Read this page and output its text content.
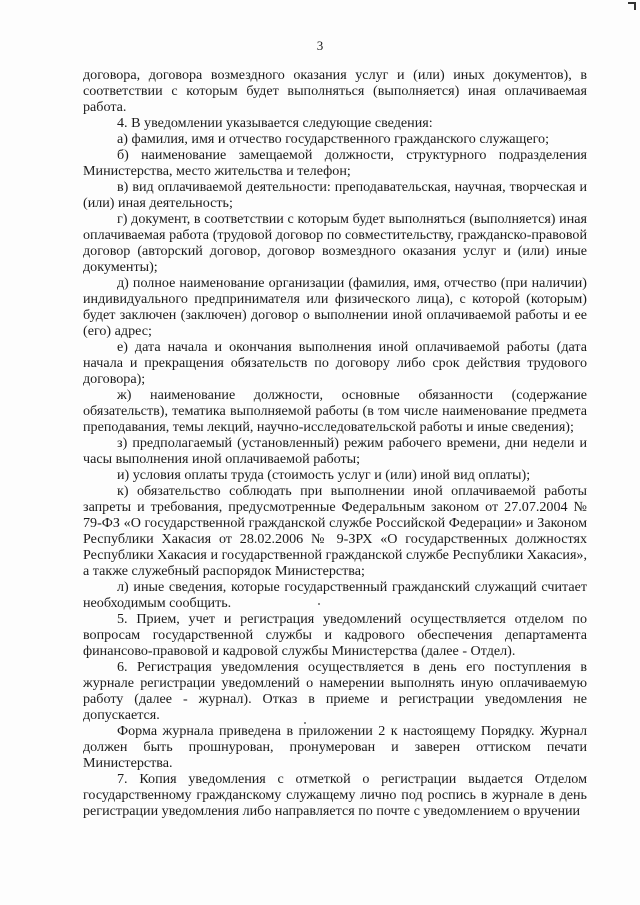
3

договора, договора возмездного оказания услуг и (или) иных документов), в соответствии с которым будет выполняться (выполняется) иная оплачиваемая работа.

4. В уведомлении указывается следующие сведения:

а) фамилия, имя и отчество государственного гражданского служащего;

б) наименование замещаемой должности, структурного подразделения Министерства, место жительства и телефон;

в) вид оплачиваемой деятельности: преподавательская, научная, творческая и (или) иная деятельность;

г) документ, в соответствии с которым будет выполняться (выполняется) иная оплачиваемая работа (трудовой договор по совместительству, гражданско-правовой договор (авторский договор, договор возмездного оказания услуг и (или) иные документы);

д) полное наименование организации (фамилия, имя, отчество (при наличии) индивидуального предпринимателя или физического лица), с которой (которым) будет заключен (заключен) договор о выполнении иной оплачиваемой работы и ее (его) адрес;

е) дата начала и окончания выполнения иной оплачиваемой работы (дата начала и прекращения обязательств по договору либо срок действия трудового договора);

ж) наименование должности, основные обязанности (содержание обязательств), тематика выполняемой работы (в том числе наименование предмета преподавания, темы лекций, научно-исследовательской работы и иные сведения);

з) предполагаемый (установленный) режим рабочего времени, дни недели и часы выполнения иной оплачиваемой работы;

и) условия оплаты труда (стоимость услуг и (или) иной вид оплаты);

к) обязательство соблюдать при выполнении иной оплачиваемой работы запреты и требования, предусмотренные Федеральным законом от 27.07.2004 № 79-ФЗ «О государственной гражданской службе Российской Федерации» и Законом Республики Хакасия от 28.02.2006 № 9-ЗРХ «О государственных должностях Республики Хакасия и государственной гражданской службе Республики Хакасия», а также служебный распорядок Министерства;

л) иные сведения, которые государственный гражданский служащий считает необходимым сообщить.

5. Прием, учет и регистрация уведомлений осуществляется отделом по вопросам государственной службы и кадрового обеспечения департамента финансово-правовой и кадровой службы Министерства (далее - Отдел).

6. Регистрация уведомления осуществляется в день его поступления в журнале регистрации уведомлений о намерении выполнять иную оплачиваемую работу (далее - журнал). Отказ в приеме и регистрации уведомления не допускается.

Форма журнала приведена в приложении 2 к настоящему Порядку. Журнал должен быть прошнурован, пронумерован и заверен оттиском печати Министерства.

7. Копия уведомления с отметкой о регистрации выдается Отделом государственному гражданскому служащему лично под роспись в журнале в день регистрации уведомления либо направляется по почте с уведомлением о вручении
